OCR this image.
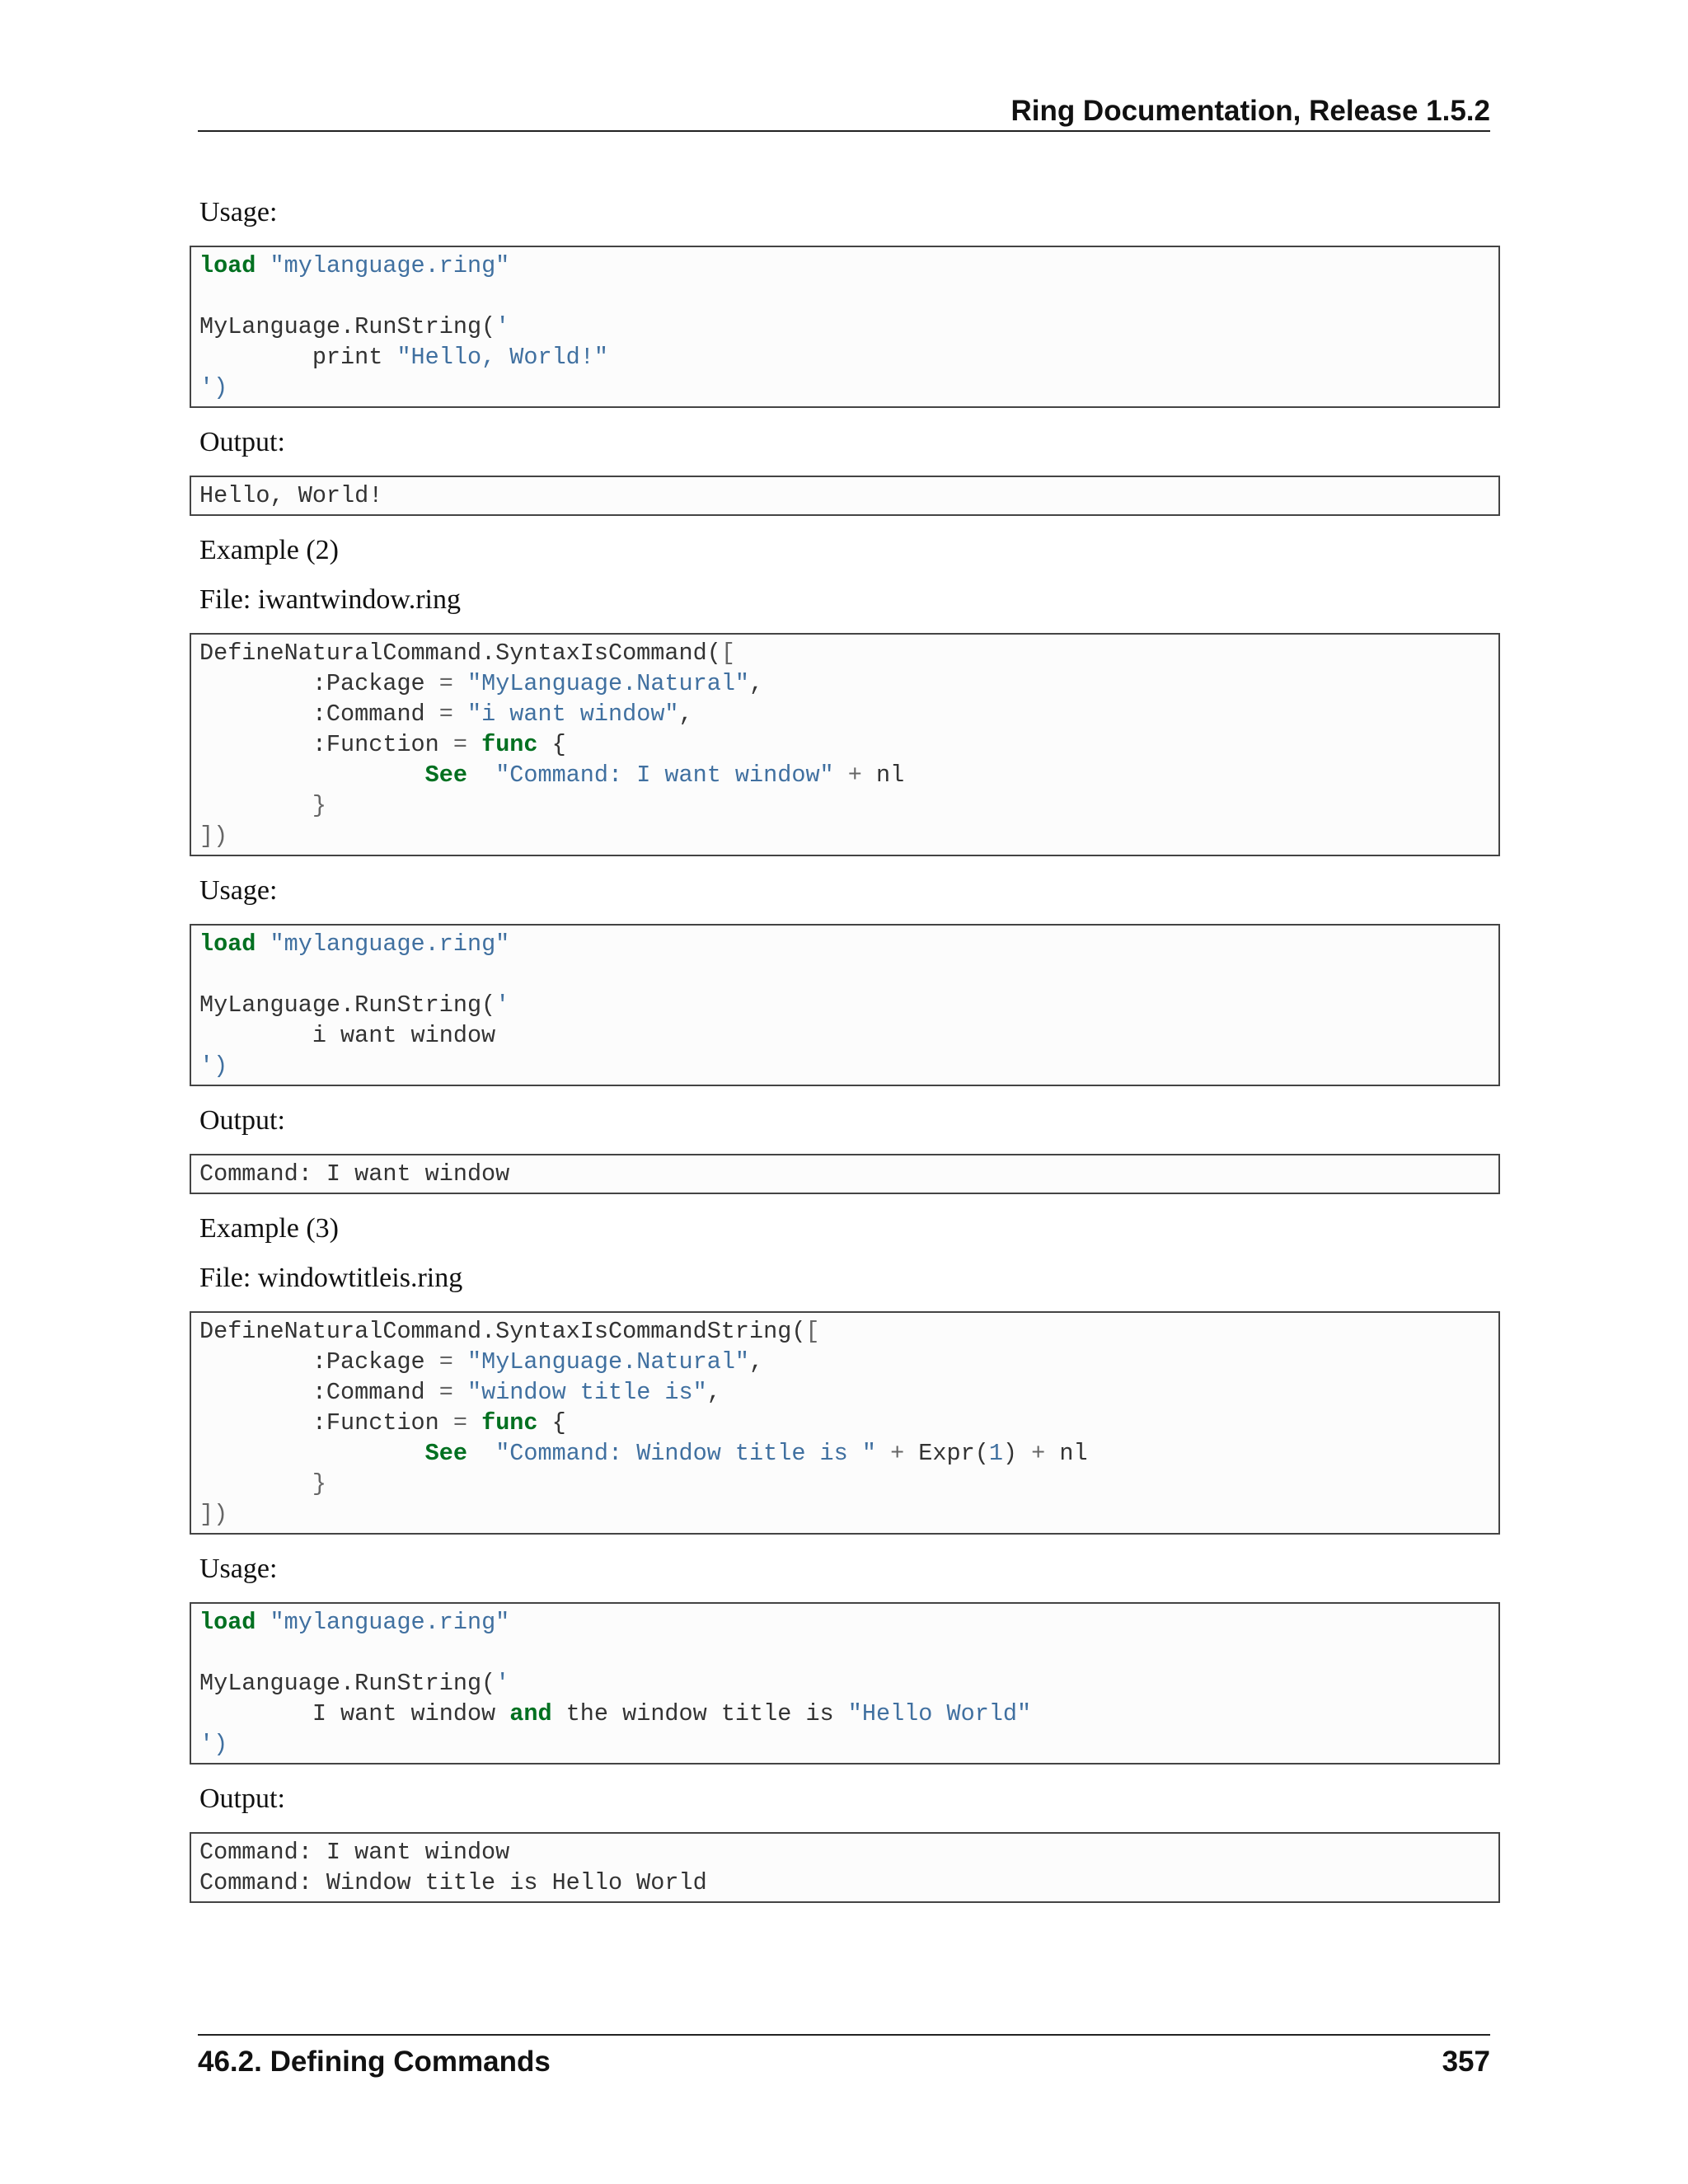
Ring Documentation, Release 1.5.2

Usage:

load "mylanguage.ring"
MyLanguage.RunString('
print "Hello, World!"
')

Output:

Hello, World!

Example (2)

File: iwantwindow.ring

DefineNaturalCommand.SyntaxIsCommand([
:Package = "MyLanguage.Natural",
:Command = "i want window",
:Function = func {
See "Command: I want window" + nl
}
])

Usage:

load "mylanguage.ring"
MyLanguage.RunString('
i want window
')

Output:

Command: I want window

Example (3)

File: windowtitleis.ring

DefineNaturalCommand.SyntaxIsCommandString([
:Package = "MyLanguage.Natural",
:Command = "window title is",
:Function = func {
See "Command: Window title is " + Expr(1) + nl
}
])

Usage:

load "mylanguage.ring"
MyLanguage.RunString('
I want window and the window title is "Hello World"
')

Output:

Command: I want window
Command: Window title is Hello World
46.2. Defining Commands	357
